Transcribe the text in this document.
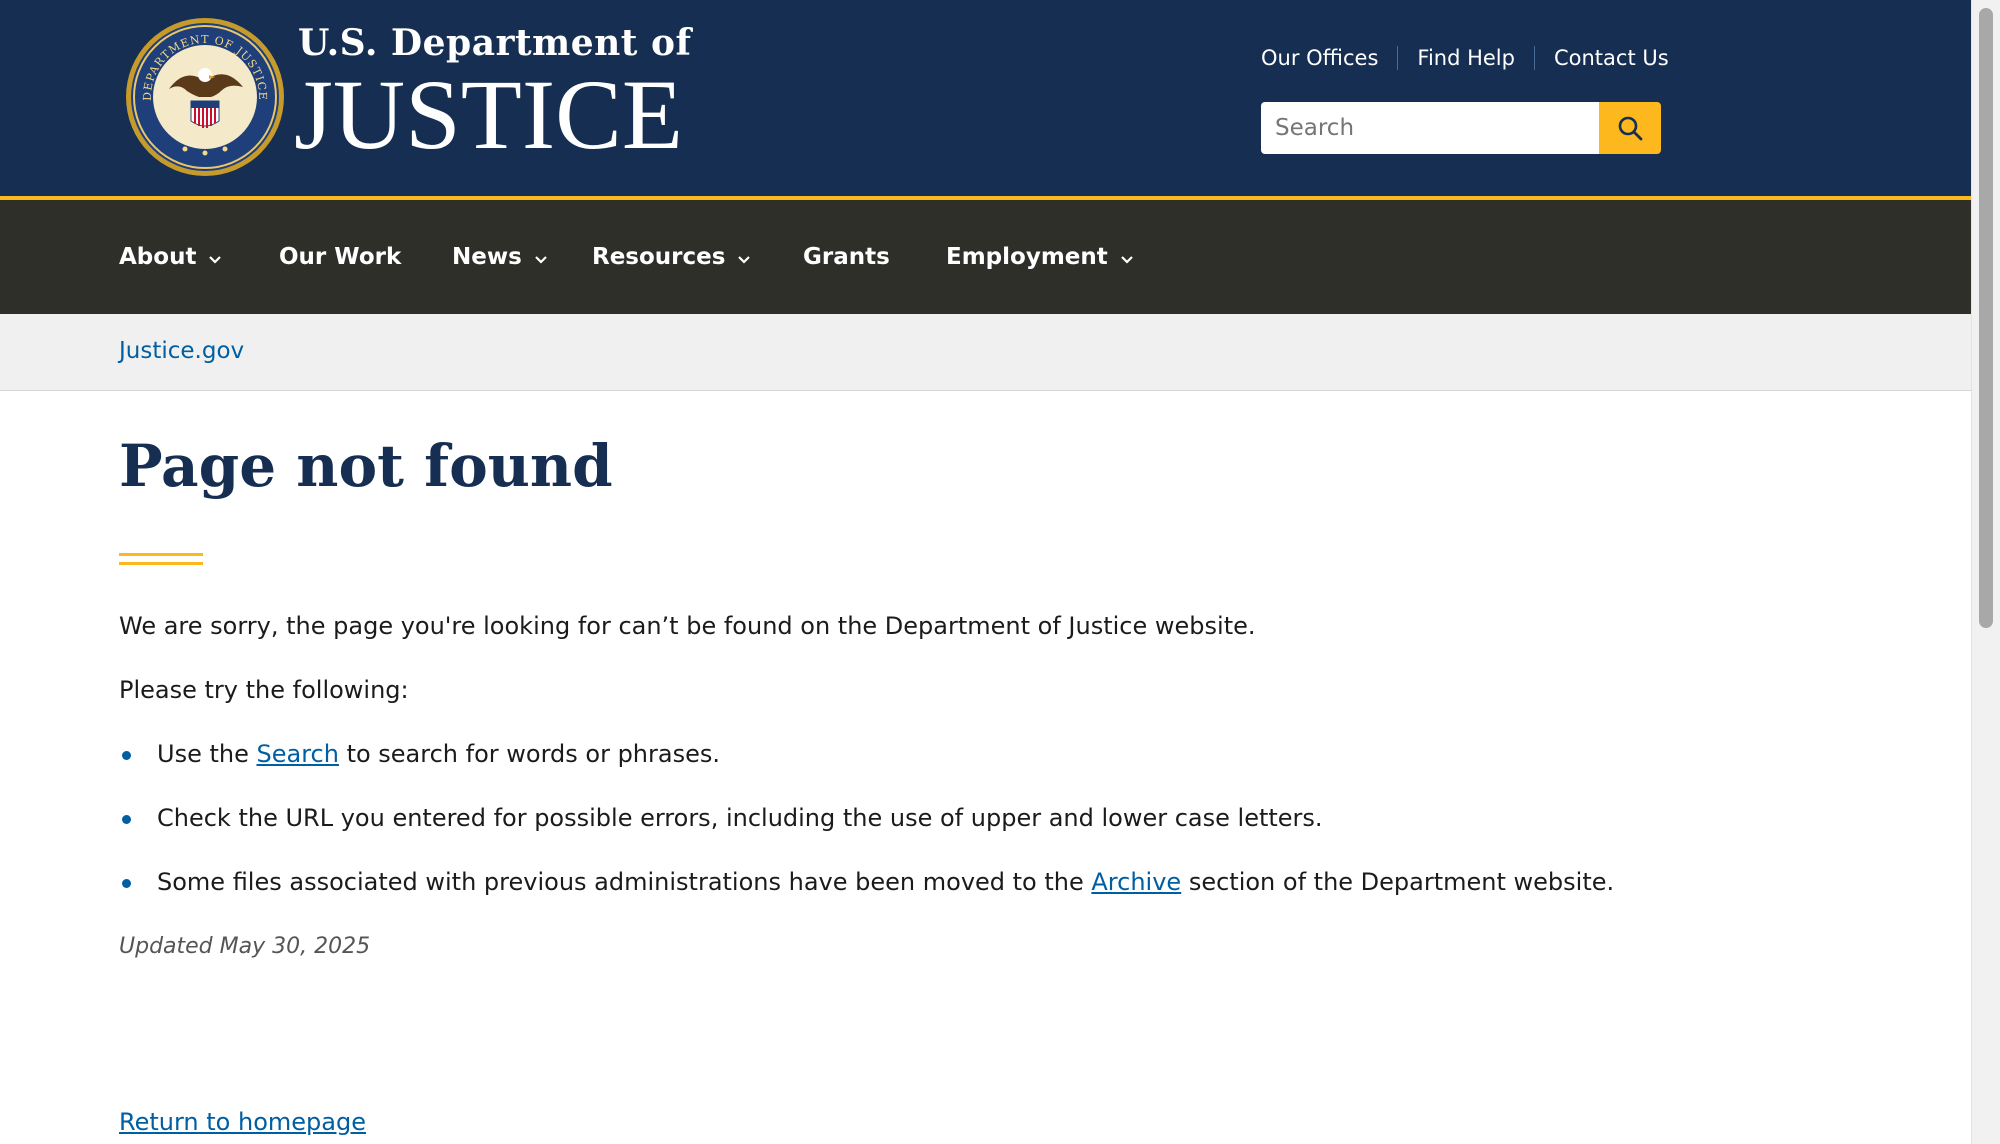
DEPARTMENT OF JUSTICE
U.S. Department of
JUSTICE
Our Offices	Find Help	Contact Us
Search
About	Our Work News	Resources	Grants Employment
Justice.gov
Page not found

We are sorry, the page you're looking for can’t be found on the Department of Justice website.

Please try the following:

Use the Search to search for words or phrases.
Check the URL you entered for possible errors, including the use of upper and lower case letters.
Some files associated with previous administrations have been moved to the Archive section of the Department website.

Updated May 30, 2025

Return to homepage
